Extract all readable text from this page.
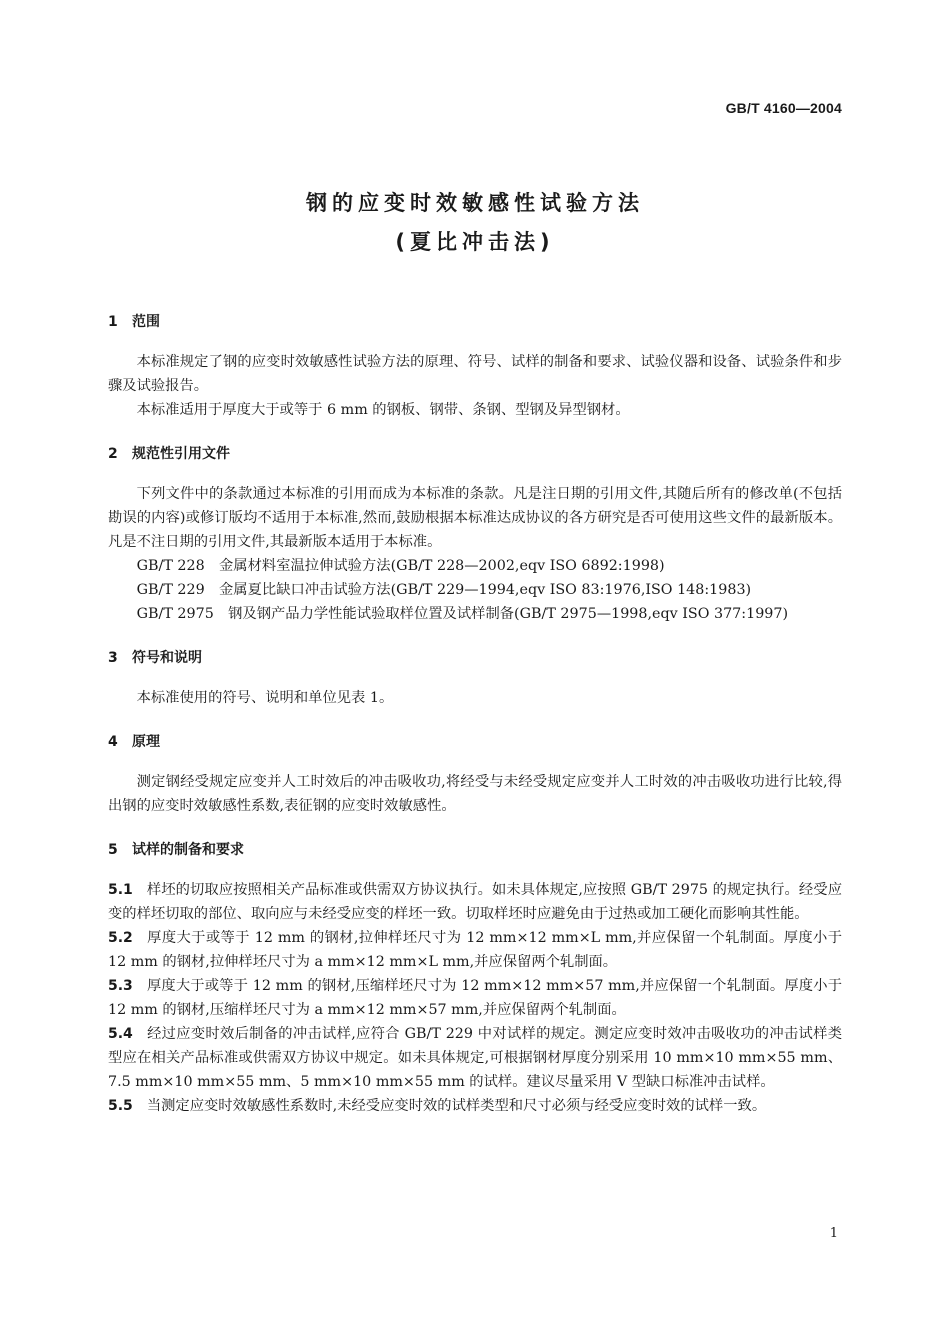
GB/T 4160—2004
钢的应变时效敏感性试验方法
(夏比冲击法)
1 范围

本标准规定了钢的应变时效敏感性试验方法的原理、符号、试样的制备和要求、试验仪器和设备、试验条件和步骤及试验报告。

本标准适用于厚度大于或等于 6 mm 的钢板、钢带、条钢、型钢及异型钢材。

2 规范性引用文件

下列文件中的条款通过本标准的引用而成为本标准的条款。凡是注日期的引用文件,其随后所有的修改单(不包括勘误的内容)或修订版均不适用于本标准,然而,鼓励根据本标准达成协议的各方研究是否可使用这些文件的最新版本。凡是不注日期的引用文件,其最新版本适用于本标准。

GB/T 228　金属材料室温拉伸试验方法(GB/T 228—2002,eqv ISO 6892:1998)

GB/T 229　金属夏比缺口冲击试验方法(GB/T 229—1994,eqv ISO 83:1976,ISO 148:1983)

GB/T 2975　钢及钢产品力学性能试验取样位置及试样制备(GB/T 2975—1998,eqv ISO 377:1997)

3 符号和说明

本标准使用的符号、说明和单位见表 1。

4 原理

测定钢经受规定应变并人工时效后的冲击吸收功,将经受与未经受规定应变并人工时效的冲击吸收功进行比较,得出钢的应变时效敏感性系数,表征钢的应变时效敏感性。

5 试样的制备和要求

5.1 样坯的切取应按照相关产品标准或供需双方协议执行。如未具体规定,应按照 GB/T 2975 的规定执行。经受应变的样坯切取的部位、取向应与未经受应变的样坯一致。切取样坯时应避免由于过热或加工硬化而影响其性能。

5.2 厚度大于或等于 12 mm 的钢材,拉伸样坯尺寸为 12 mm×12 mm×L mm,并应保留一个轧制面。厚度小于 12 mm 的钢材,拉伸样坯尺寸为 a mm×12 mm×L mm,并应保留两个轧制面。

5.3 厚度大于或等于 12 mm 的钢材,压缩样坯尺寸为 12 mm×12 mm×57 mm,并应保留一个轧制面。厚度小于 12 mm 的钢材,压缩样坯尺寸为 a mm×12 mm×57 mm,并应保留两个轧制面。

5.4 经过应变时效后制备的冲击试样,应符合 GB/T 229 中对试样的规定。测定应变时效冲击吸收功的冲击试样类型应在相关产品标准或供需双方协议中规定。如未具体规定,可根据钢材厚度分别采用 10 mm×10 mm×55 mm、7.5 mm×10 mm×55 mm、5 mm×10 mm×55 mm 的试样。建议尽量采用 V 型缺口标准冲击试样。

5.5 当测定应变时效敏感性系数时,未经受应变时效的试样类型和尺寸必须与经受应变时效的试样一致。

1
